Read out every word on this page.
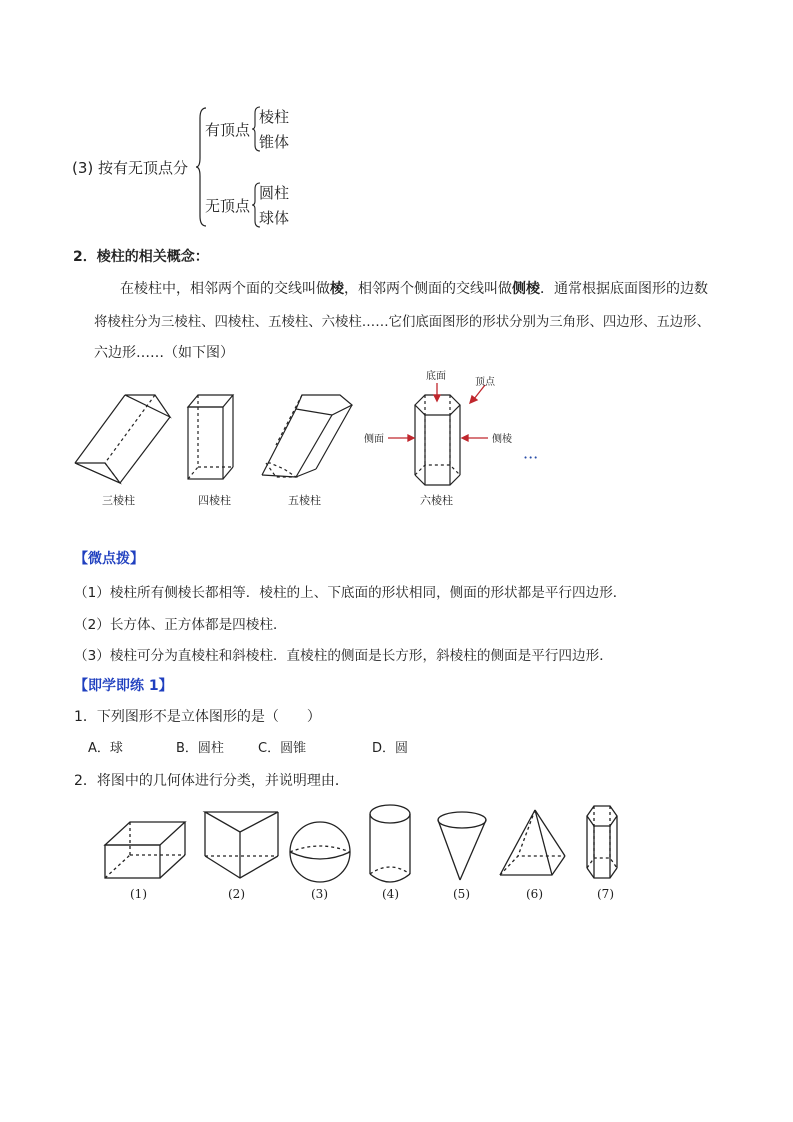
(3) 按有无顶点分
有顶点
棱柱
锥体
无顶点
圆柱
球体
2．棱柱的相关概念：
在棱柱中，相邻两个面的交线叫做棱，相邻两个侧面的交线叫做侧棱．通常根据底面图形的边数
将棱柱分为三棱柱、四棱柱、五棱柱、六棱柱……它们底面图形的形状分别为三角形、四边形、五边形、
六边形……（如下图）
底面
顶点
侧面	侧棱
···
三棱柱	四棱柱	五棱柱	六棱柱
【微点拨】
（1）棱柱所有侧棱长都相等．棱柱的上、下底面的形状相同，侧面的形状都是平行四边形．
（2）长方体、正方体都是四棱柱．
（3）棱柱可分为直棱柱和斜棱柱．直棱柱的侧面是长方形，斜棱柱的侧面是平行四边形．
【即学即练 1】
1．下列图形不是立体图形的是（　　）
A．球	B．圆柱	C．圆锥	D．圆
2．将图中的几何体进行分类，并说明理由．
(1)	(2)	(3)	(4)	(5)	(6)	(7)
